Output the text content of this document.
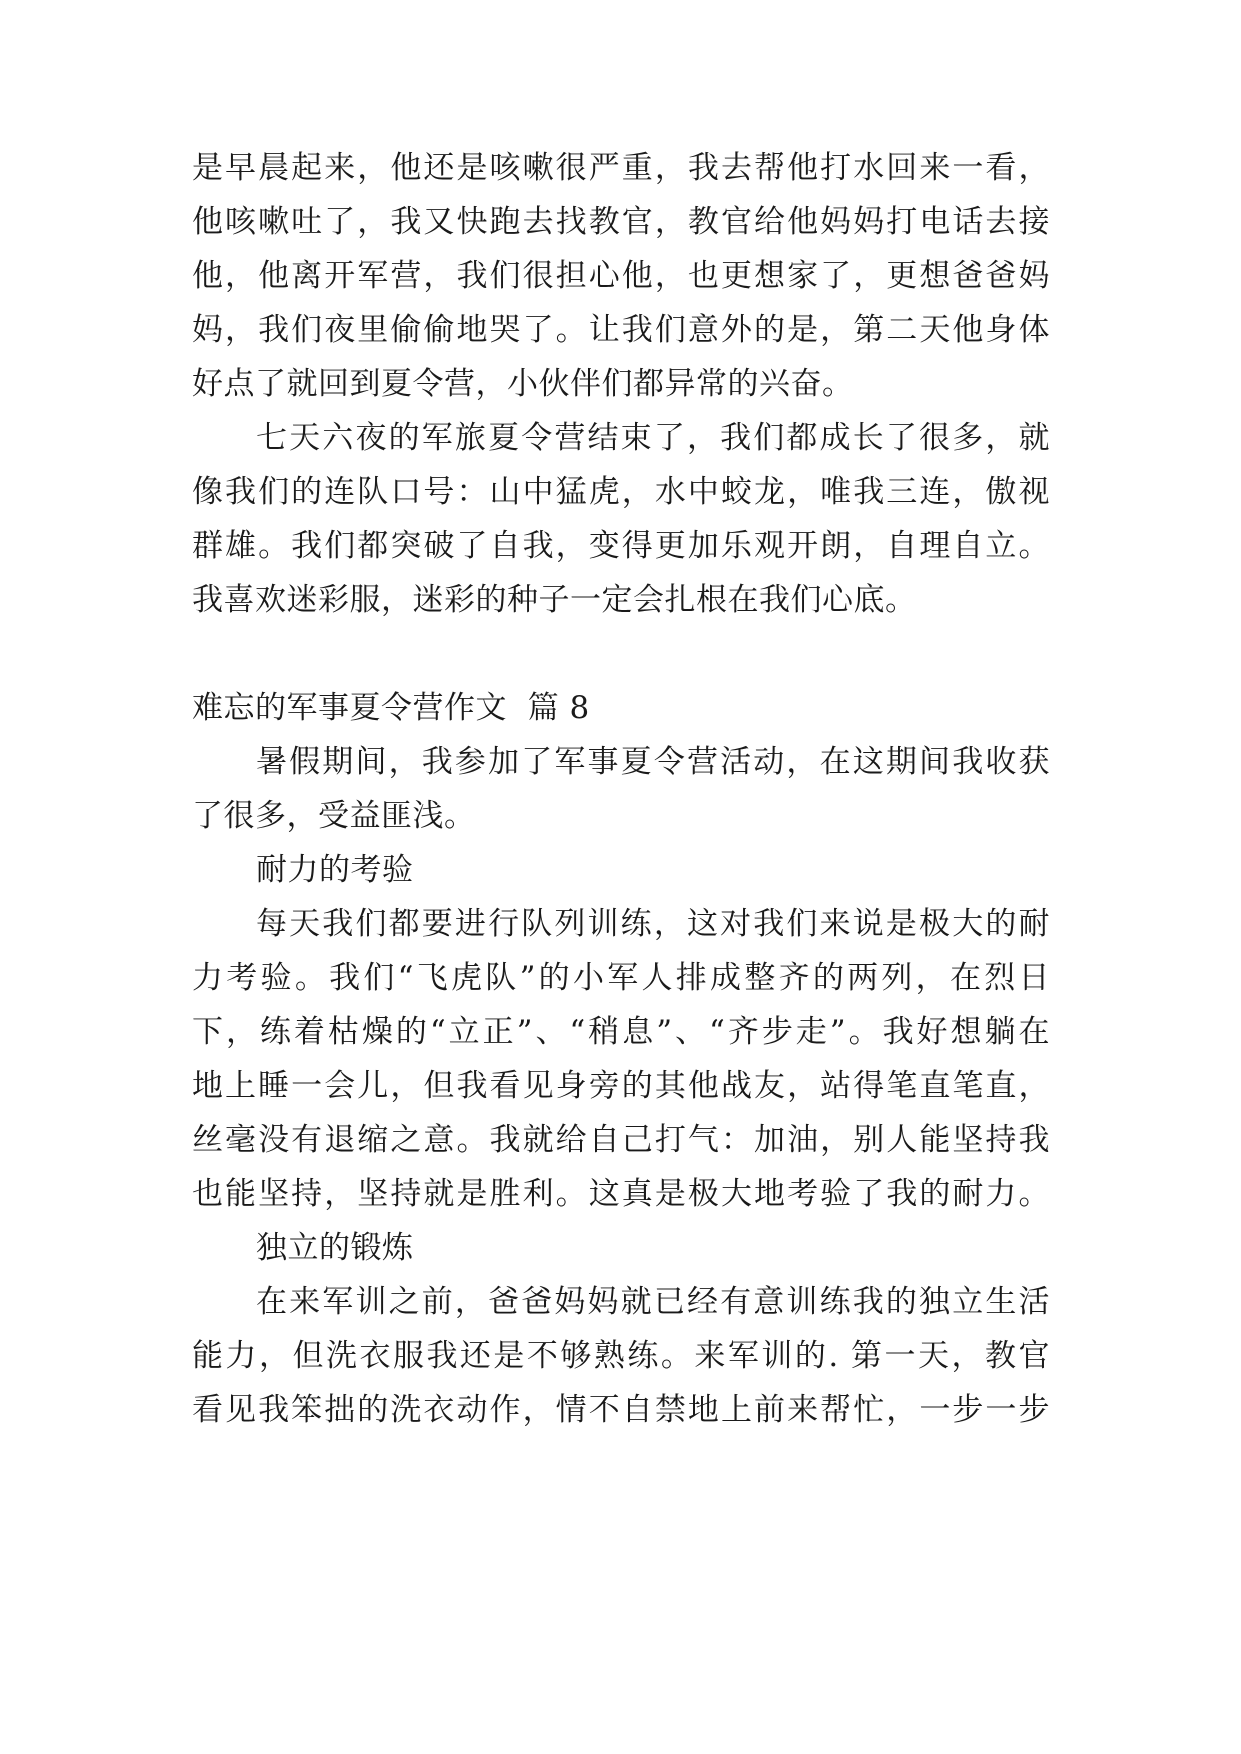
是早晨起来，他还是咳嗽很严重，我去帮他打水回来一看，
他咳嗽吐了，我又快跑去找教官，教官给他妈妈打电话去接
他，他离开军营，我们很担心他，也更想家了，更想爸爸妈
妈，我们夜里偷偷地哭了。让我们意外的是，第二天他身体
好点了就回到夏令营，小伙伴们都异常的兴奋。
七天六夜的军旅夏令营结束了，我们都成长了很多，就
像我们的连队口号：山中猛虎，水中蛟龙，唯我三连，傲视
群雄。我们都突破了自我，变得更加乐观开朗，自理自立。
我喜欢迷彩服，迷彩的种子一定会扎根在我们心底。
难忘的军事夏令营作文  篇 8
暑假期间，我参加了军事夏令营活动，在这期间我收获
了很多，受益匪浅。
耐力的考验
每天我们都要进行队列训练，这对我们来说是极大的耐
力考验。我们“飞虎队”的小军人排成整齐的两列，在烈日
下，练着枯燥的“立正”、“稍息”、“齐步走”。我好想躺在
地上睡一会儿，但我看见身旁的其他战友，站得笔直笔直，
丝毫没有退缩之意。我就给自己打气：加油，别人能坚持我
也能坚持，坚持就是胜利。这真是极大地考验了我的耐力。
独立的锻炼
在来军训之前，爸爸妈妈就已经有意训练我的独立生活
能力，但洗衣服我还是不够熟练。来军训的. 第一天，教官
看见我笨拙的洗衣动作，情不自禁地上前来帮忙，一步一步
